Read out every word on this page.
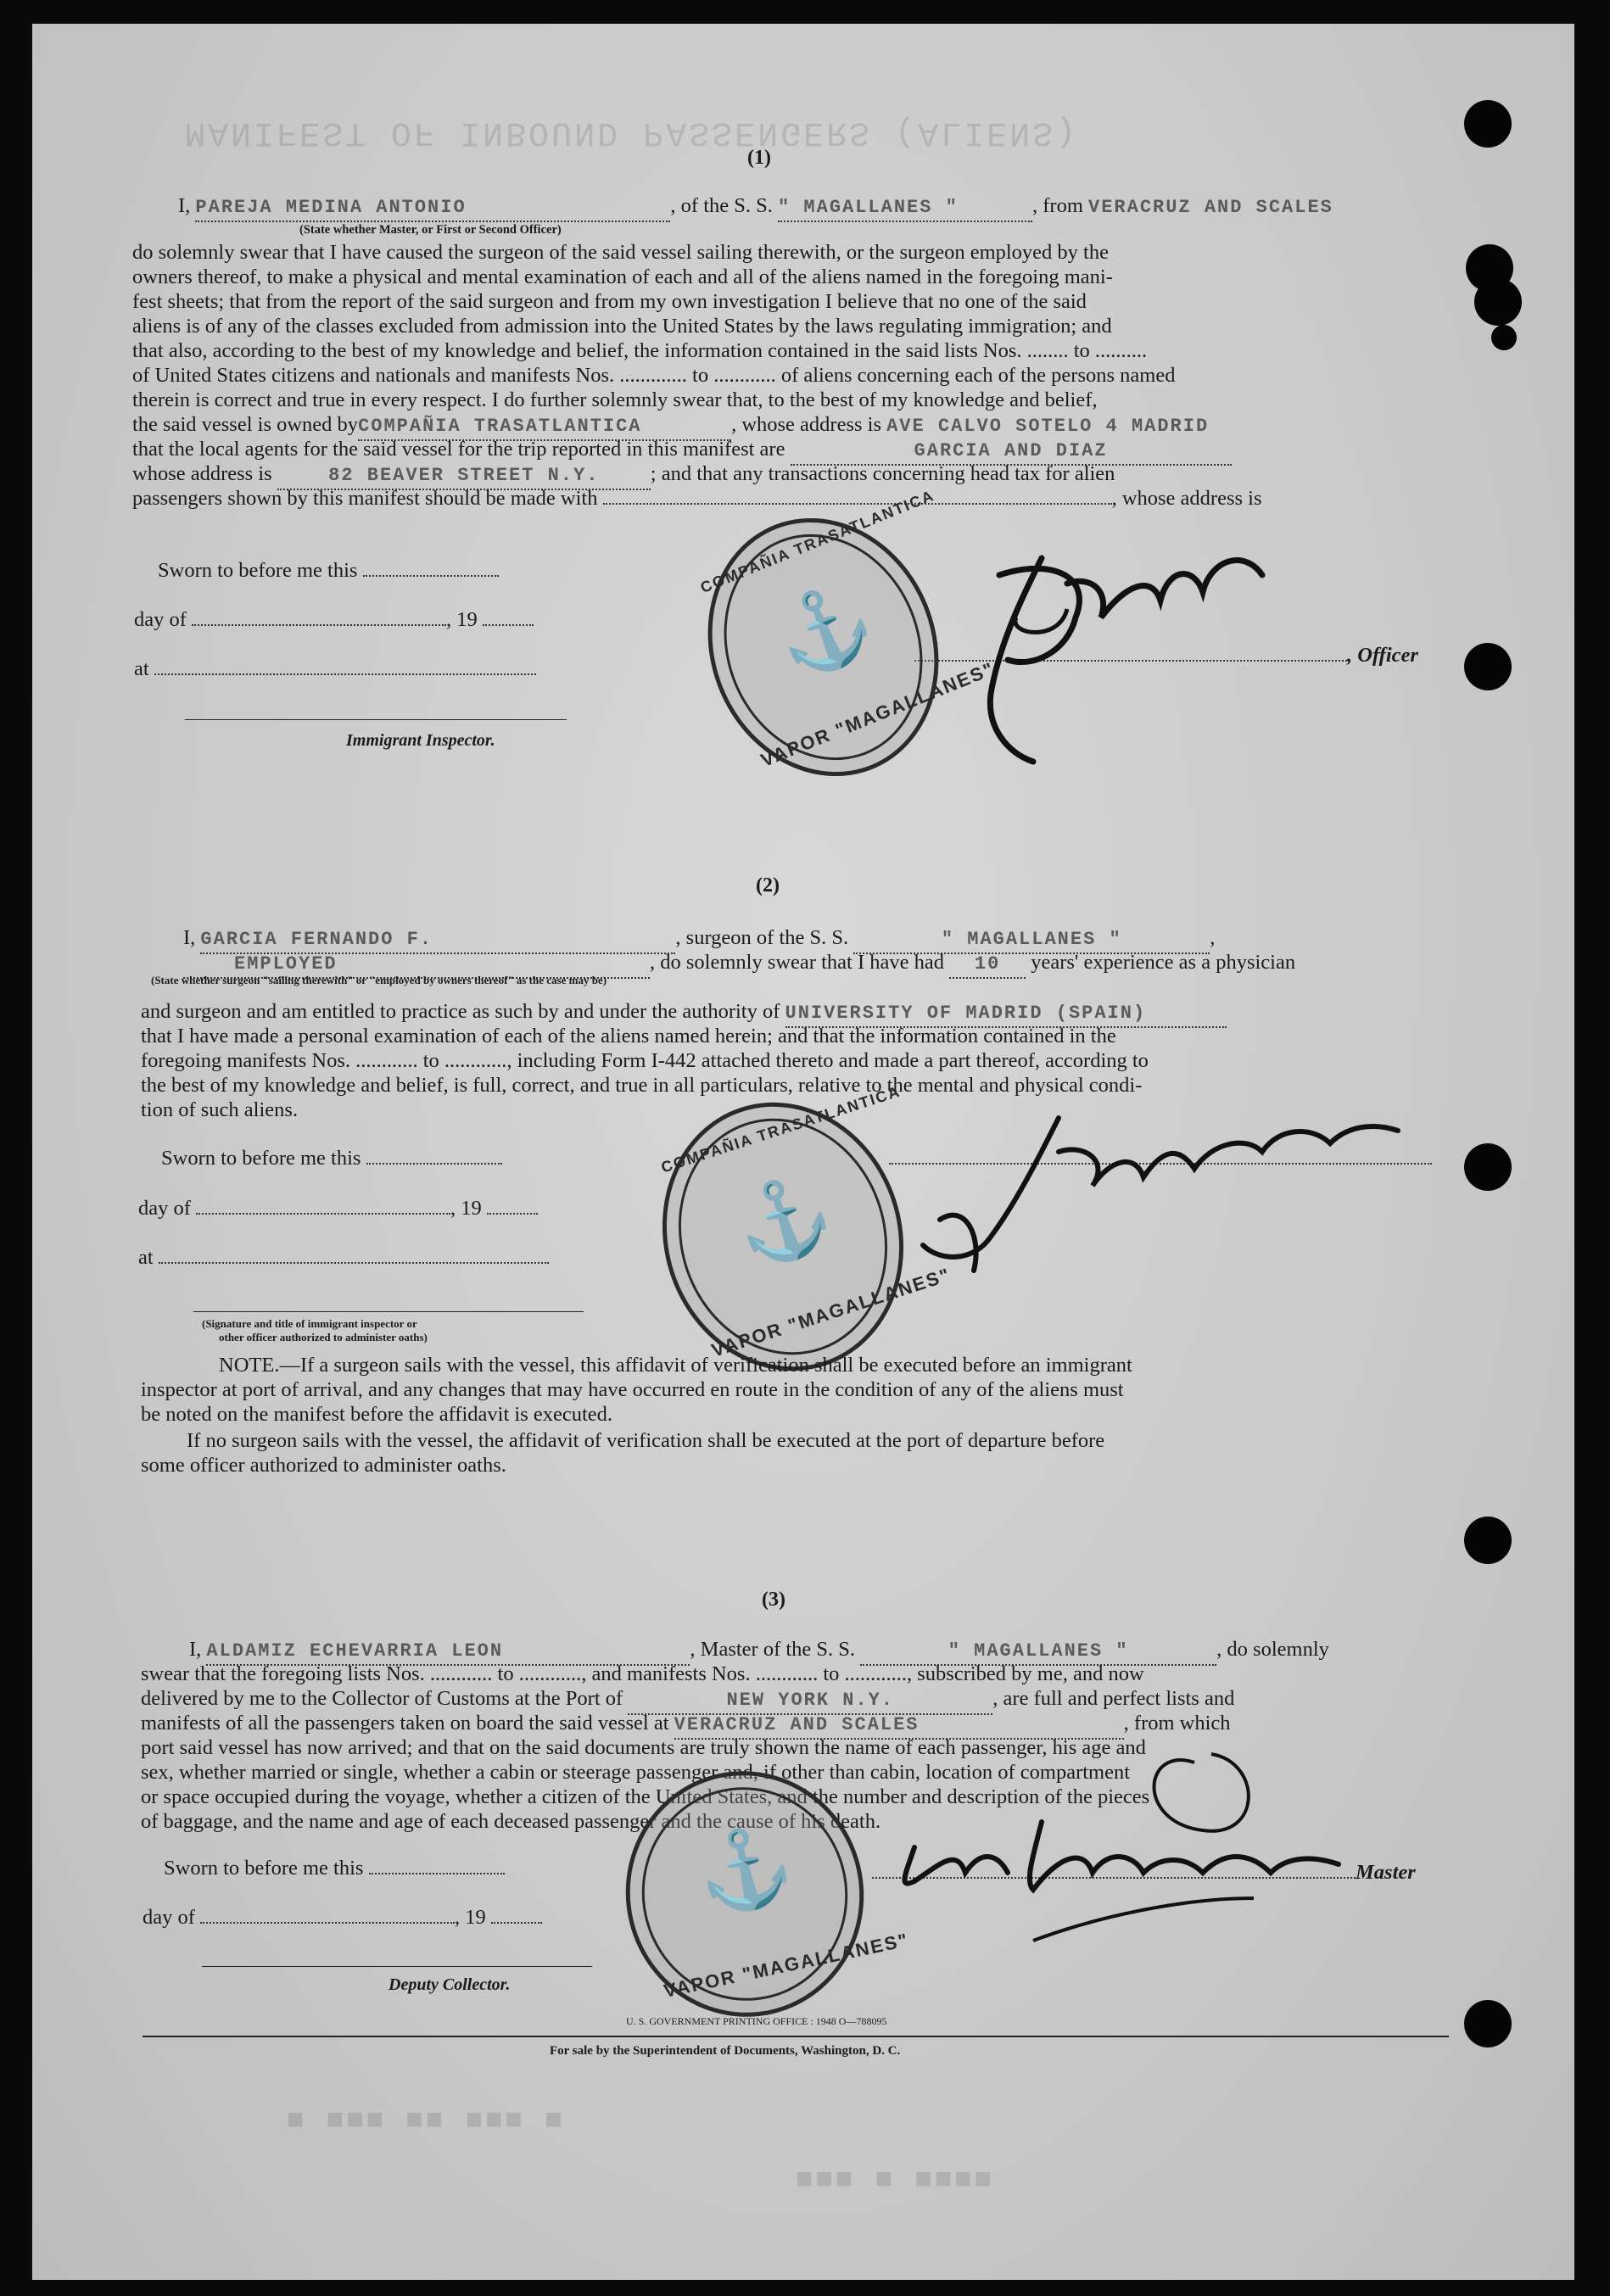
MANIFEST OF INBOUND PASSENGERS (ALIENS)
(1)
I, PAREJA MEDINA ANTONIO	, of the S. S. " MAGALLANES "	, from VERACRUZ AND SCALES
(State whether Master, or First or Second Officer)
do solemnly swear that I have caused the surgeon of the said vessel sailing therewith, or the surgeon employed by the
owners thereof, to make a physical and mental examination of each and all of the aliens named in the foregoing mani-
fest sheets; that from the report of the said surgeon and from my own investigation I believe that no one of the said
aliens is of any of the classes excluded from admission into the United States by the laws regulating immigration; and
that also, according to the best of my knowledge and belief, the information contained in the said lists Nos. ........ to ..........
of United States citizens and nationals and manifests Nos. ............. to ............ of aliens concerning each of the persons named
therein is correct and true in every respect. I do further solemnly swear that, to the best of my knowledge and belief,
the said vessel is owned byCOMPAÑIA TRASATLANTICA	, whose address is AVE CALVO SOTELO 4 MADRID
that the local agents for the said vessel for the trip reported in this manifest are	GARCIA AND DIAZ
whose address is	82 BEAVER STREET N.Y. ; and that any transactions concerning head tax for alien
passengers shown by this manifest should be made with	, whose address is
Sworn to before me this
day of	, 19
at
Immigrant Inspector.
, Officer
⚓
COMPAÑIA TRASATLANTICA
VAPOR "MAGALLANES"
(2)
I, GARCIA FERNANDO F.	, surgeon of the S. S.	" MAGALLANES "	,
EMPLOYED	, do solemnly swear that I have had 10 years' experience as a physician
(State whether surgeon "sailing therewith" or "employed by owners thereof" as the case may be)
and surgeon and am entitled to practice as such by and under the authority of UNIVERSITY OF MADRID (SPAIN)
that I have made a personal examination of each of the aliens named herein; and that the information contained in the
foregoing manifests Nos. ............ to ............, including Form I-442 attached thereto and made a part thereof, according to
the best of my knowledge and belief, is full, correct, and true in all particulars, relative to the mental and physical condi-
tion of such aliens.
Sworn to before me this
day of	, 19
at
(Signature and title of immigrant inspector or
other officer authorized to administer oaths)
⚓
COMPAÑIA TRASATLANTICA
VAPOR "MAGALLANES"
NOTE.—If a surgeon sails with the vessel, this affidavit of verification shall be executed before an immigrant
inspector at port of arrival, and any changes that may have occurred en route in the condition of any of the aliens must
be noted on the manifest before the affidavit is executed.
If no surgeon sails with the vessel, the affidavit of verification shall be executed at the port of departure before
some officer authorized to administer oaths.
(3)
I, ALDAMIZ ECHEVARRIA LEON	, Master of the S. S.	" MAGALLANES "	, do solemnly
swear that the foregoing lists Nos. ............ to ............, and manifests Nos. ............ to ............, subscribed by me, and now
delivered by me to the Collector of Customs at the Port of	NEW YORK N.Y.	, are full and perfect lists and
manifests of all the passengers taken on board the said vessel at VERACRUZ AND SCALES	, from which
port said vessel has now arrived; and that on the said documents are truly shown the name of each passenger, his age and
sex, whether married or single, whether a cabin or steerage passenger and, if other than cabin, location of compartment
or space occupied during the voyage, whether a citizen of the United States, and the number and description of the pieces
of baggage, and the name and age of each deceased passenger and the cause of his death.
Sworn to before me this
day of	, 19
Deputy Collector.
Master
⚓
VAPOR "MAGALLANES"
U. S. GOVERNMENT PRINTING OFFICE : 1948 O—788095
For sale by the Superintendent of Documents, Washington, D. C.
■ ■■■ ■■ ■■■ ■
■■■ ■ ■■■■
